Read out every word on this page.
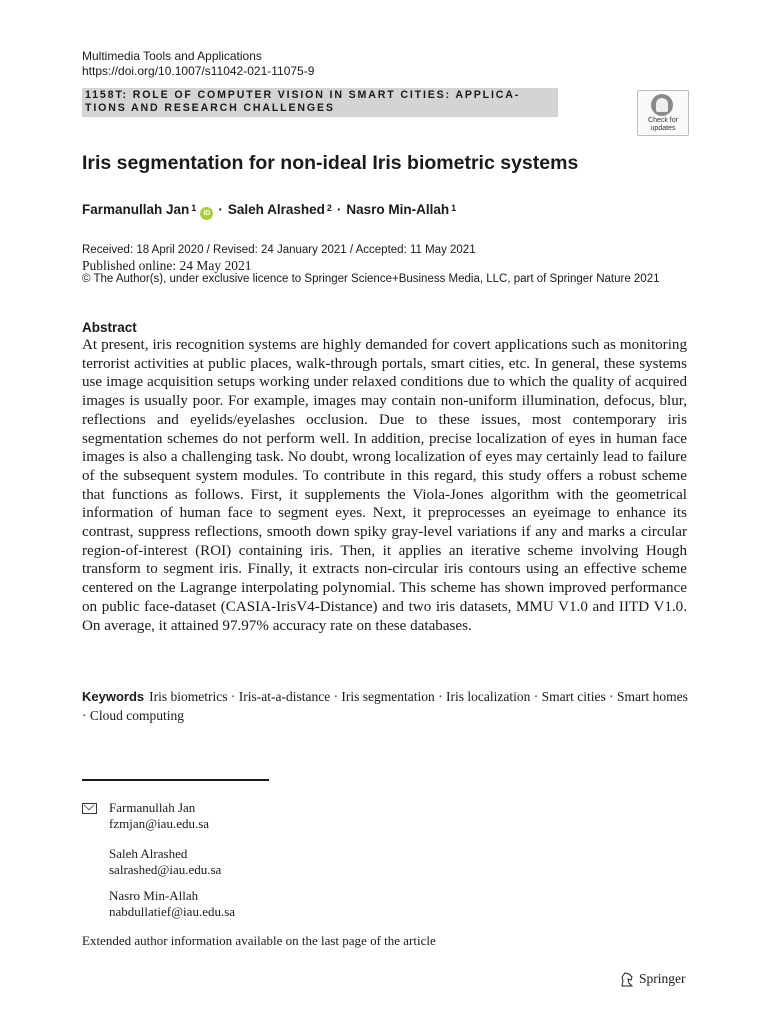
Multimedia Tools and Applications
https://doi.org/10.1007/s11042-021-11075-9
1158T: ROLE OF COMPUTER VISION IN SMART CITIES: APPLICA-
TIONS AND RESEARCH CHALLENGES
Check for
updates
Iris segmentation for non-ideal Iris biometric systems
Farmanullah Jan$^1$
iD · Saleh Alrashed$^2$ · Nasro Min-Allah$^1$
Received: 18 April 2020 / Revised: 24 January 2021 / Accepted: 11 May 2021
Published online: 24 May 2021
© The Author(s), under exclusive licence to Springer Science+Business Media, LLC, part of Springer Nature 2021
Abstract
At present, iris recognition systems are highly demanded for covert applications such as monitoring terrorist activities at public places, walk-through portals, smart cities, etc. In general, these systems use image acquisition setups working under relaxed conditions due to which the quality of acquired images is usually poor. For example, images may contain non-uniform illumination, defocus, blur, reflections and eyelids/eyelashes occlusion. Due to these issues, most contemporary iris segmentation schemes do not perform well. In addition, precise localization of eyes in human face images is also a challenging task. No doubt, wrong localization of eyes may certainly lead to failure of the subsequent system modules. To contribute in this regard, this study offers a robust scheme that functions as follows. First, it supplements the Viola-Jones algorithm with the geometrical information of human face to segment eyes. Next, it preprocesses an eyeimage to enhance its contrast, suppress reflections, smooth down spiky gray-level variations if any and marks a circular region-of-interest (ROI) containing iris. Then, it applies an iterative scheme involving Hough transform to segment iris. Finally, it extracts non-circular iris contours using an effective scheme centered on the Lagrange interpolating polynomial. This scheme has shown improved performance on public face-dataset (CASIA-IrisV4-Distance) and two iris datasets, MMU V1.0 and IITD V1.0. On average, it attained 97.97% accuracy rate on these databases.
Keywords Iris biometrics · Iris-at-a-distance · Iris segmentation · Iris localization · Smart cities · Smart homes · Cloud computing
Farmanullah Jan
fzmjan@iau.edu.sa
Saleh Alrashed
salrashed@iau.edu.sa
Nasro Min-Allah
nabdullatief@iau.edu.sa
Extended author information available on the last page of the article
Springer
